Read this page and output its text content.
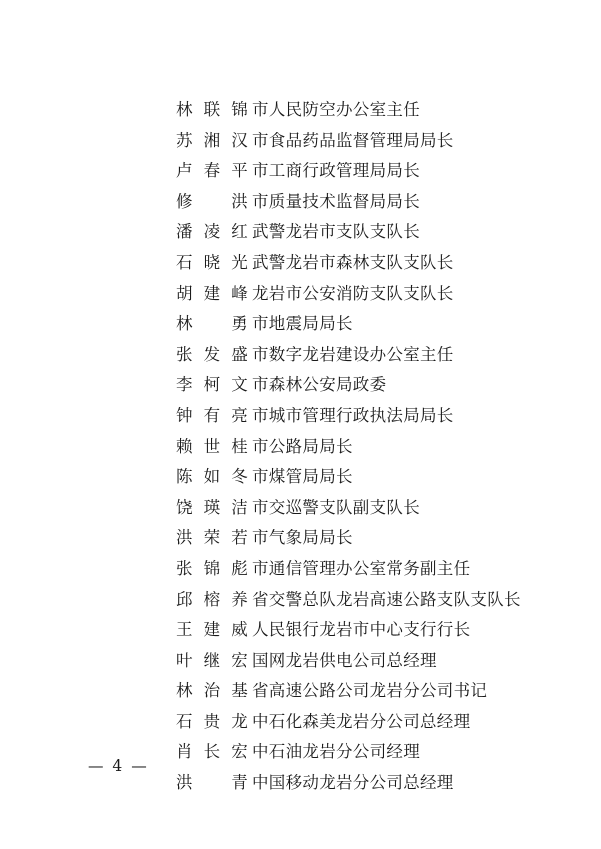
林联锦 市人民防空办公室主任
苏湘汉 市食品药品监督管理局局长
卢春平 市工商行政管理局局长
修　洪 市质量技术监督局局长
潘凌红 武警龙岩市支队支队长
石晓光 武警龙岩市森林支队支队长
胡建峰 龙岩市公安消防支队支队长
林　勇 市地震局局长
张发盛 市数字龙岩建设办公室主任
李柯文 市森林公安局政委
钟有亮 市城市管理行政执法局局长
赖世桂 市公路局局长
陈如冬 市煤管局局长
饶瑛洁 市交巡警支队副支队长
洪荣若 市气象局局长
张锦彪 市通信管理办公室常务副主任
邱榕养 省交警总队龙岩高速公路支队支队长
王建威 人民银行龙岩市中心支行行长
叶继宏 国网龙岩供电公司总经理
林治基 省高速公路公司龙岩分公司书记
石贵龙 中石化森美龙岩分公司总经理
肖长宏 中石油龙岩分公司经理
洪　青 中国移动龙岩分公司总经理
— 4 —
